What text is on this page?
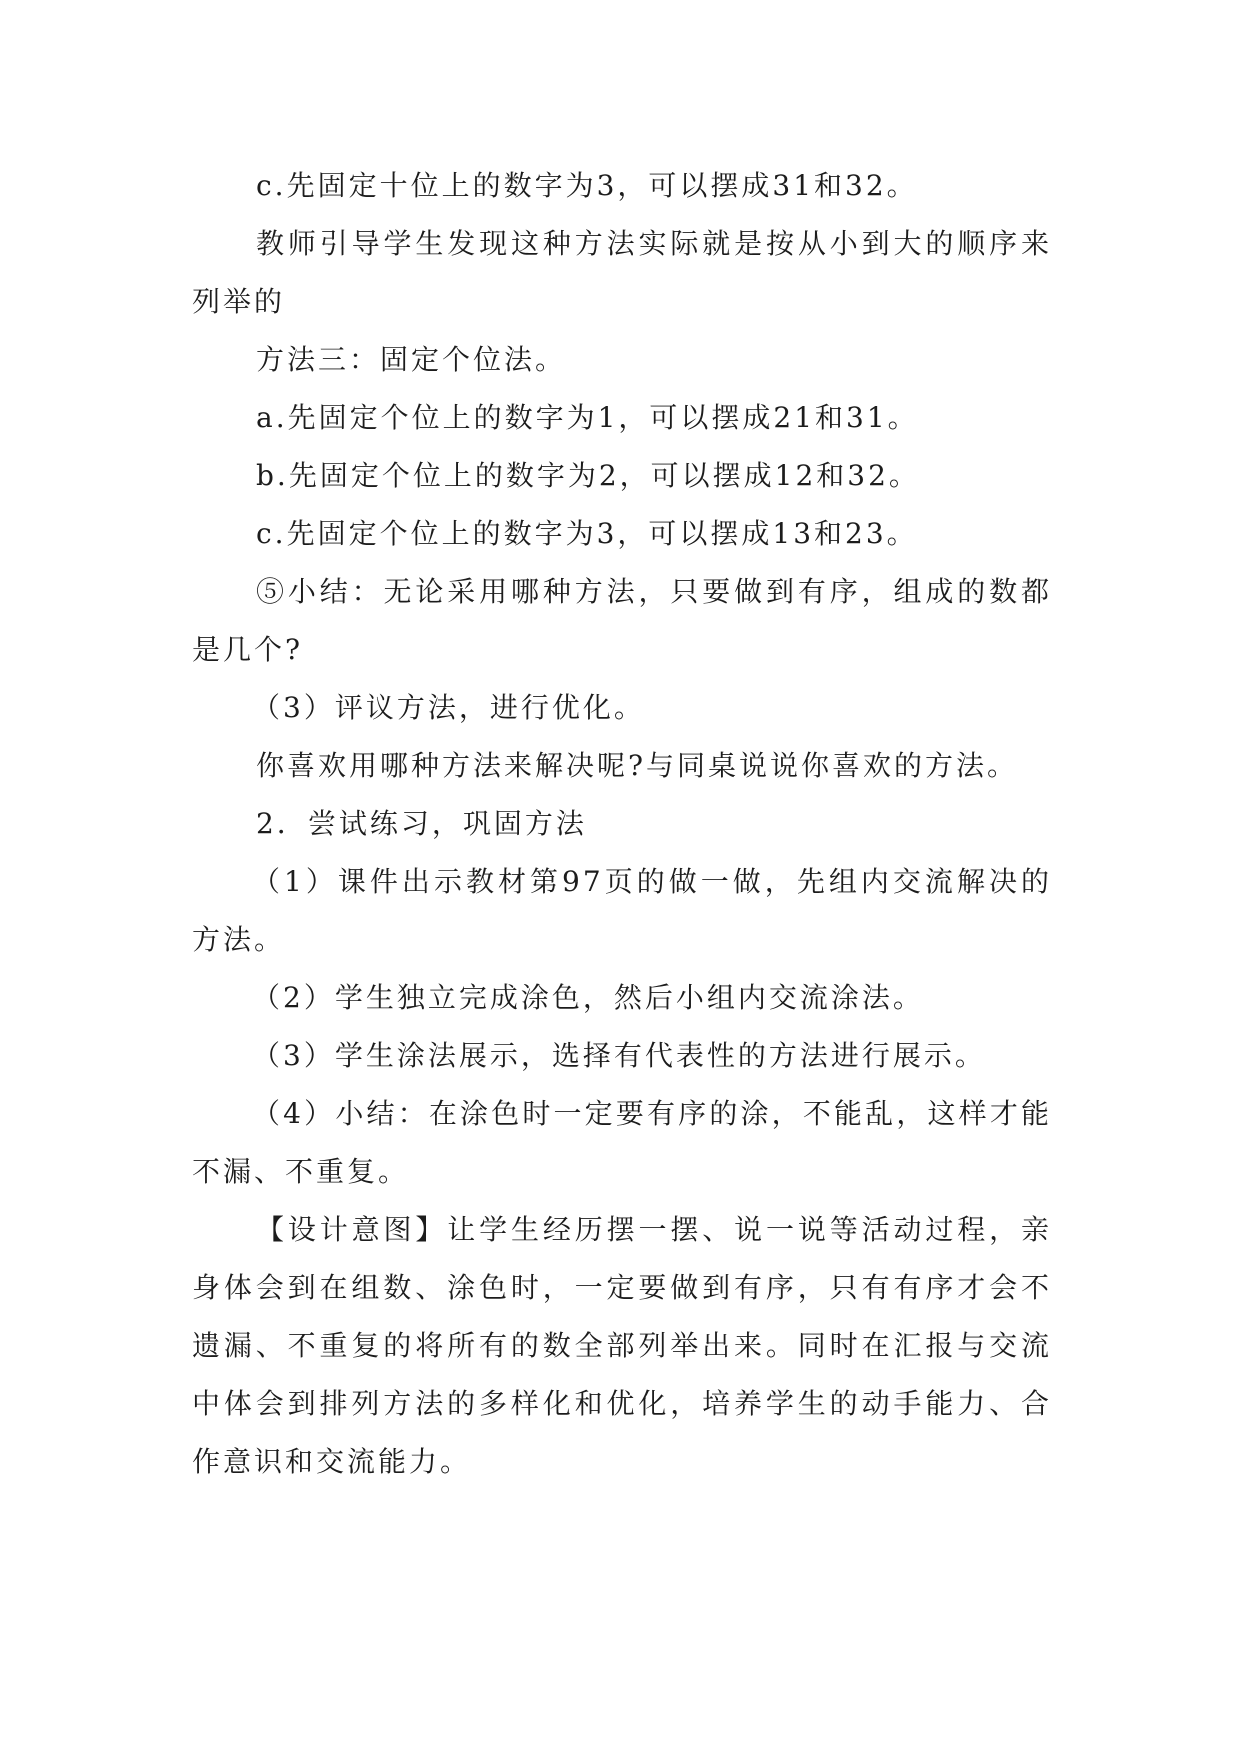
c.先固定十位上的数字为3，可以摆成31和32。

教师引导学生发现这种方法实际就是按从小到大的顺序来列举的

方法三：固定个位法。

a.先固定个位上的数字为1，可以摆成21和31。

b.先固定个位上的数字为2，可以摆成12和32。

c.先固定个位上的数字为3，可以摆成13和23。

⑤小结：无论采用哪种方法，只要做到有序，组成的数都是几个?

（3）评议方法，进行优化。

你喜欢用哪种方法来解决呢?与同桌说说你喜欢的方法。

2．尝试练习，巩固方法

（1）课件出示教材第97页的做一做，先组内交流解决的方法。

（2）学生独立完成涂色，然后小组内交流涂法。

（3）学生涂法展示，选择有代表性的方法进行展示。

（4）小结：在涂色时一定要有序的涂，不能乱，这样才能不漏、不重复。

【设计意图】让学生经历摆一摆、说一说等活动过程，亲身体会到在组数、涂色时，一定要做到有序，只有有序才会不遗漏、不重复的将所有的数全部列举出来。同时在汇报与交流中体会到排列方法的多样化和优化，培养学生的动手能力、合作意识和交流能力。
